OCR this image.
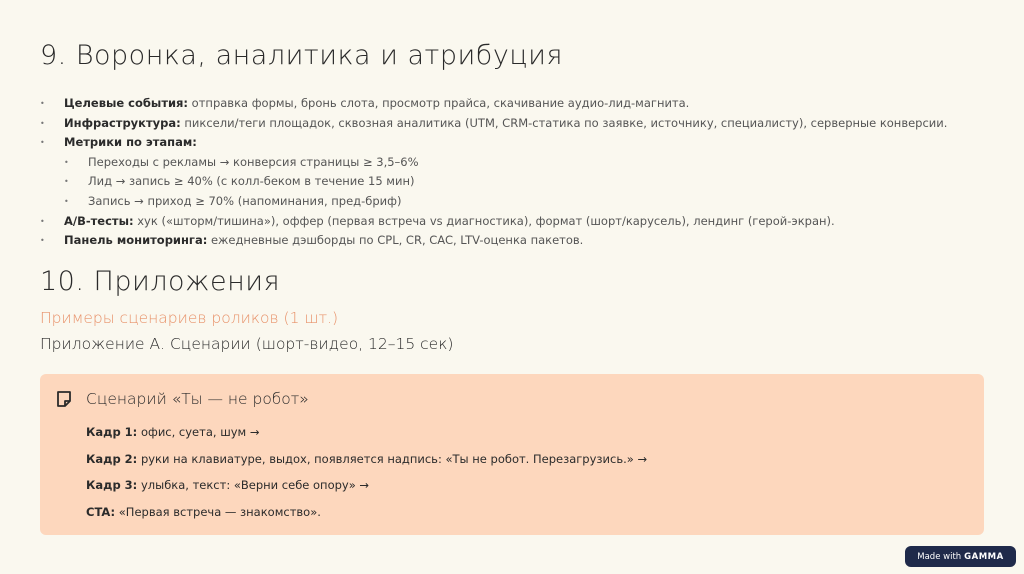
9. Воронка, аналитика и атрибуция
• Целевые события: отправка формы, бронь слота, просмотр прайса, скачивание аудио-лид-магнита.
• Инфраструктура: пиксели/теги площадок, сквозная аналитика (UTM, CRM-статика по заявке, источнику, специалисту), серверные конверсии.
• Метрики по этапам:
• Переходы с рекламы → конверсия страницы ≥ 3,5–6%
• Лид → запись ≥ 40% (с колл-беком в течение 15 мин)
• Запись → приход ≥ 70% (напоминания, пред-бриф)
• A/B-тесты: хук («шторм/тишина»), оффер (первая встреча vs диагностика), формат (шорт/карусель), лендинг (герой-экран).
• Панель мониторинга: ежедневные дэшборды по CPL, CR, CAC, LTV-оценка пакетов.
10. Приложения
Примеры сценариев роликов (1 шт.)
Приложение А. Сценарии (шорт-видео, 12–15 сек)
Сценарий «Ты — не робот»
Кадр 1: офис, суета, шум →
Кадр 2: руки на клавиатуре, выдох, появляется надпись: «Ты не робот. Перезагрузись.» →
Кадр 3: улыбка, текст: «Верни себе опору» →
CTA: «Первая встреча — знакомство».
Made with GAMMA
